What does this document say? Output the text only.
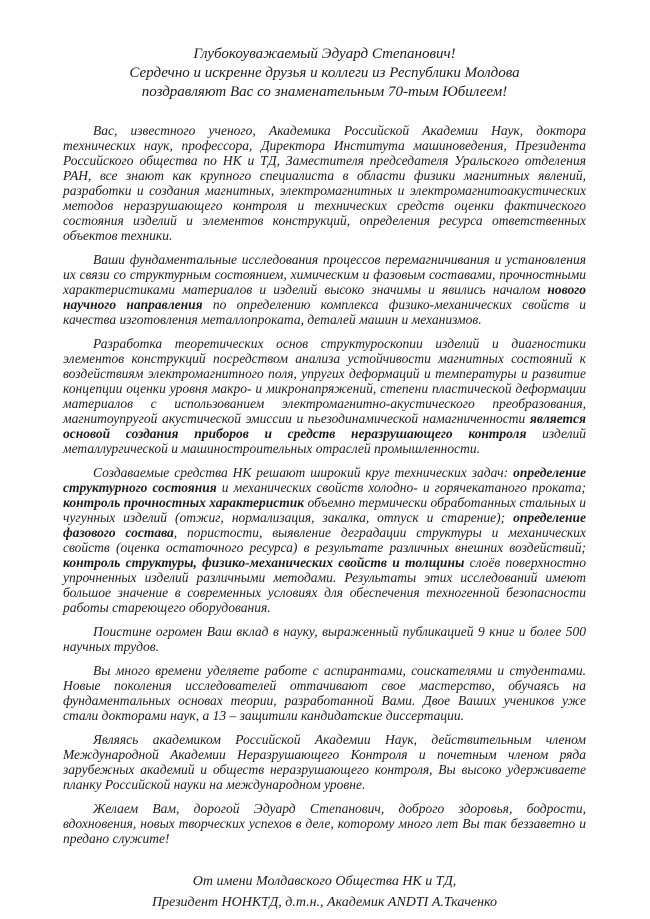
Глубокоуважаемый Эдуард Степанович!
Сердечно и искренне друзья и коллеги из Республики Молдова
поздравляют Вас со знаменательным 70-тым Юбилеем!

Вас, известного ученого, Академика Российской Академии Наук, доктора технических наук, профессора, Директора Института машиноведения, Президента Российского общества по НК и ТД, Заместителя председателя Уральского отделения РАН, все знают как крупного специалиста в области физики магнитных явлений, разработки и создания магнитных, электромагнитных и электромагнитоакустических методов неразрушающего контроля и технических средств оценки фактического состояния изделий и элементов конструкций, определения ресурса ответственных объектов техники.

Ваши фундаментальные исследования процессов перемагничивания и установления их связи со структурным состоянием, химическим и фазовым составами, прочностными характеристиками материалов и изделий высоко значимы и явились началом нового научного направления по определению комплекса физико-механических свойств и качества изготовления металлопроката, деталей машин и механизмов.

Разработка теоретических основ структуроскопии изделий и диагностики элементов конструкций посредством анализа устойчивости магнитных состояний к воздействиям электромагнитного поля, упругих деформаций и температуры и развитие концепции оценки уровня макро- и микронапряжений, степени пластической деформации материалов с использованием электромагнитно-акустического преобразования, магнитоупругой акустической эмиссии и пьезодинамической намагниченности является основой создания приборов и средств неразрушающего контроля изделий металлургической и машиностроительных отраслей промышленности.

Создаваемые средства НК решают широкий круг технических задач: определение структурного состояния и механических свойств холодно- и горячекатаного проката; контроль прочностных характеристик объемно термически обработанных стальных и чугунных изделий (отжиг, нормализация, закалка, отпуск и старение); определение фазового состава, пористости, выявление деградации структуры и механических свойств (оценка остаточного ресурса) в результате различных внешних воздействий; контроль структуры, физико-механических свойств и толщины слоёв поверхностно упрочненных изделий различными методами. Результаты этих исследований имеют большое значение в современных условиях для обеспечения техногенной безопасности работы стареющего оборудования.

Поистине огромен Ваш вклад в науку, выраженный публикацией 9 книг и более 500 научных трудов.

Вы много времени уделяете работе с аспирантами, соискателями и студентами. Новые поколения исследователей оттачивают свое мастерство, обучаясь на фундаментальных основах теории, разработанной Вами. Двое Ваших учеников уже стали докторами наук, а 13 – защитили кандидатские диссертации.

Являясь академиком Российской Академии Наук, действительным членом Международной Академии Неразрушающего Контроля и почетным членом ряда зарубежных академий и обществ неразрушающего контроля, Вы высоко удерживаете планку Российской науки на международном уровне.

Желаем Вам, дорогой Эдуард Степанович, доброго здоровья, бодрости, вдохновения, новых творческих успехов в деле, которому много лет Вы так беззаветно и предано служите!

От имени Молдавского Общества НК и ТД,
Президент НОНКТД, д.т.н., Академик ANDTI А.Ткаченко
